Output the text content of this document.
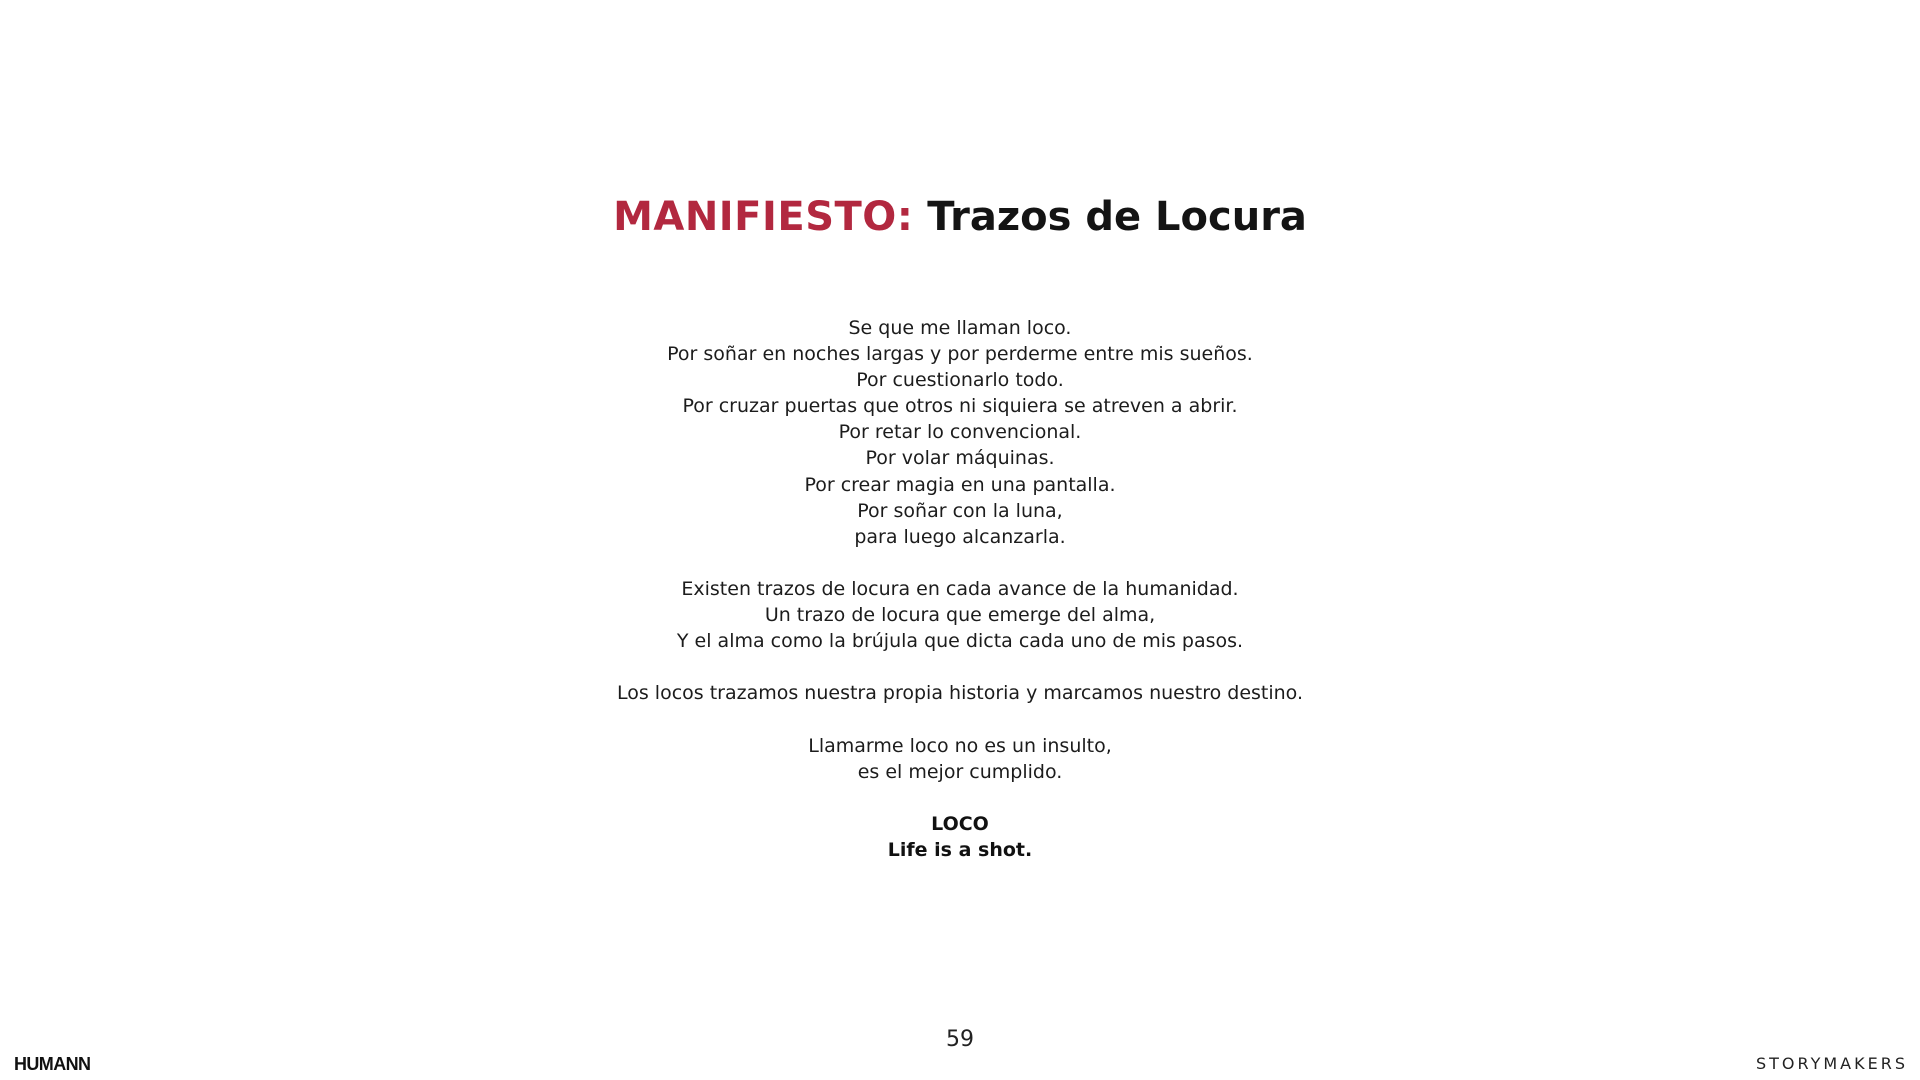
MANIFIESTO: Trazos de Locura
Se que me llaman loco.
Por soñar en noches largas y por perderme entre mis sueños.
Por cuestionarlo todo.
Por cruzar puertas que otros ni siquiera se atreven a abrir.
Por retar lo convencional.
Por volar máquinas.
Por crear magia en una pantalla.
Por soñar con la luna,
para luego alcanzarla.
Existen trazos de locura en cada avance de la humanidad.
Un trazo de locura que emerge del alma,
Y el alma como la brújula que dicta cada uno de mis pasos.
Los locos trazamos nuestra propia historia y marcamos nuestro destino.
Llamarme loco no es un insulto,
es el mejor cumplido.
LOCO
Life is a shot.
59
HUMANN	STORYMAKERS
